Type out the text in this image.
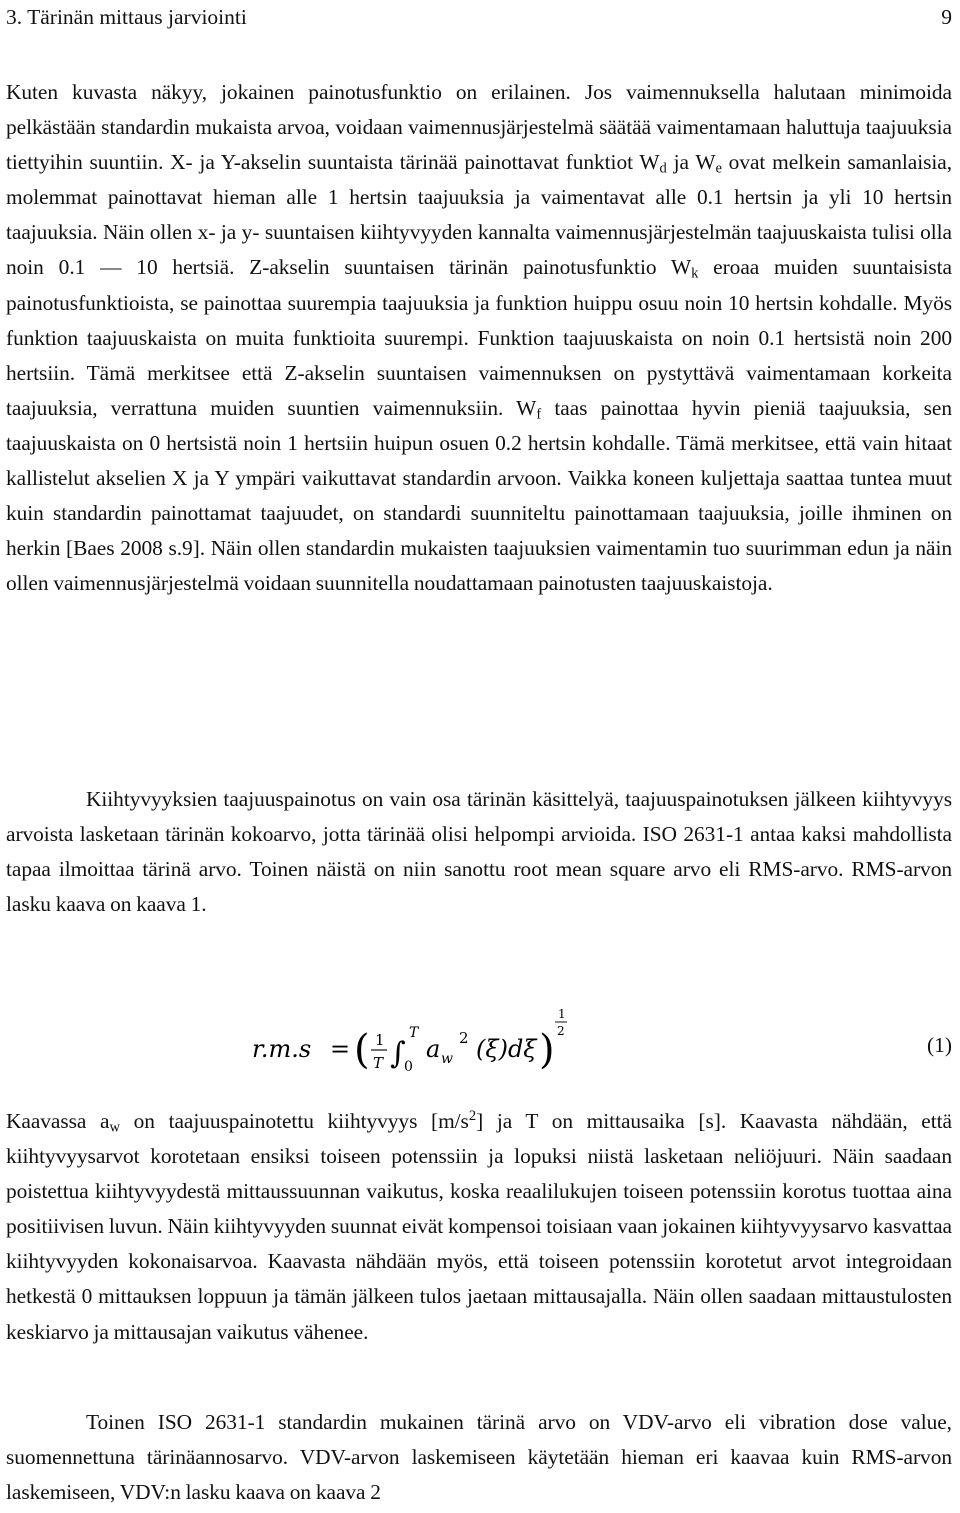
3. Tärinän mittaus jarviointi	9

Kuten kuvasta näkyy, jokainen painotusfunktio on erilainen. Jos vaimennuksella halutaan minimoida pelkästään standardin mukaista arvoa, voidaan vaimennusjärjestelmä säätää vaimentamaan haluttuja taajuuksia tiettyihin suuntiin. X- ja Y-akselin suuntaista tärinää painottavat funktiot $W_d$ ja $W_e$ ovat melkein samanlaisia, molemmat painottavat hieman alle 1 hertsin taajuuksia ja vaimentavat alle 0.1 hertsin ja yli 10 hertsin taajuuksia. Näin ollen x- ja y- suuntaisen kiihtyvyyden kannalta vaimennusjärjestelmän taajuuskaista tulisi olla noin 0.1 — 10 hertsiä. Z-akselin suuntaisen tärinän painotusfunktio $W_k$ eroaa muiden suuntaisista painotusfunktioista, se painottaa suurempia taajuuksia ja funktion huippu osuu noin 10 hertsin kohdalle. Myös funktion taajuuskaista on muita funktioita suurempi. Funktion taajuuskaista on noin 0.1 hertsistä noin 200 hertsiin. Tämä merkitsee että Z-akselin suuntaisen vaimennuksen on pystyttävä vaimentamaan korkeita taajuuksia, verrattuna muiden suuntien vaimennuksiin. $W_f$ taas painottaa hyvin pieniä taajuuksia, sen taajuuskaista on 0 hertsistä noin 1 hertsiin huipun osuen 0.2 hertsin kohdalle. Tämä merkitsee, että vain hitaat kallistelut akselien X ja Y ympäri vaikuttavat standardin arvoon. Vaikka koneen kuljettaja saattaa tuntea muut kuin standardin painottamat taajuudet, on standardi suunniteltu painottamaan taajuuksia, joille ihminen on herkin [Baes 2008 s.9]. Näin ollen standardin mukaisten taajuuksien vaimentamin tuo suurimman edun ja näin ollen vaimennusjärjestelmä voidaan suunnitella noudattamaan painotusten taajuuskaistoja.

Kiihtyvyyksien taajuuspainotus on vain osa tärinän käsittelyä, taajuuspainotuksen jälkeen kiihtyvyys arvoista lasketaan tärinän kokoarvo, jotta tärinää olisi helpompi arvioida. ISO 2631-1 antaa kaksi mahdollista tapaa ilmoittaa tärinä arvo. Toinen näistä on niin sanottu root mean square arvo eli RMS-arvo. RMS-arvon lasku kaava on kaava 1.

r.m.s = ( 1
T ∫
T
0
a w
2 (ξ)dξ )
1
2
(1)

Kaavassa $a_w$ on taajuuspainotettu kiihtyvyys $[m/s^2]$ ja T on mittausaika [s]. Kaavasta nähdään, että kiihtyvyysarvot korotetaan ensiksi toiseen potenssiin ja lopuksi niistä lasketaan neliöjuuri. Näin saadaan poistettua kiihtyvyydestä mittaussuunnan vaikutus, koska reaalilukujen toiseen potenssiin korotus tuottaa aina positiivisen luvun. Näin kiihtyvyyden suunnat eivät kompensoi toisiaan vaan jokainen kiihtyvyysarvo kasvattaa kiihtyvyyden kokonaisarvoa. Kaavasta nähdään myös, että toiseen potenssiin korotetut arvot integroidaan hetkestä 0 mittauksen loppuun ja tämän jälkeen tulos jaetaan mittausajalla. Näin ollen saadaan mittaustulosten keskiarvo ja mittausajan vaikutus vähenee.

Toinen ISO 2631-1 standardin mukainen tärinä arvo on VDV-arvo eli vibration dose value, suomennettuna tärinäannosarvo. VDV-arvon laskemiseen käytetään hieman eri kaavaa kuin RMS-arvon laskemiseen, VDV:n lasku kaava on kaava 2
